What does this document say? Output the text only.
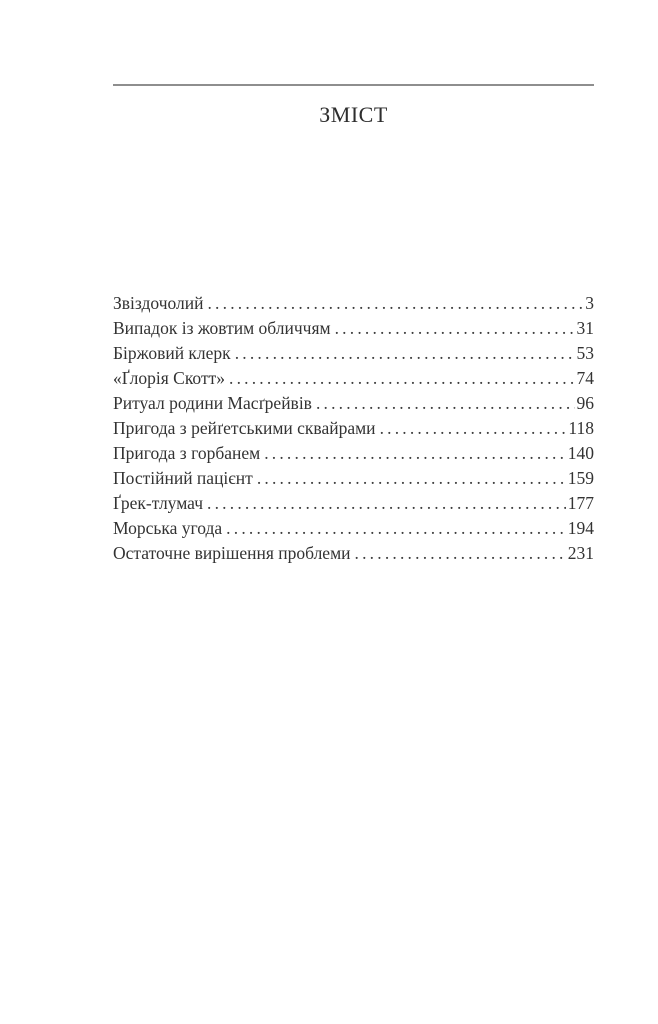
ЗМІСТ
Звіздочолий .....	3
Випадок із жовтим обличчям .....	31
Біржовий клерк .....	53
«Ґлорія Скотт» .....	74
Ритуал родини Масґрейвів .....	96
Пригода з рейґетськими сквайрами .....	118
Пригода з горбанем .....	140
Постійний пацієнт .....	159
Ґрек-тлумач .....	177
Морська угода .....	194
Остаточне вирішення проблеми .....	231
